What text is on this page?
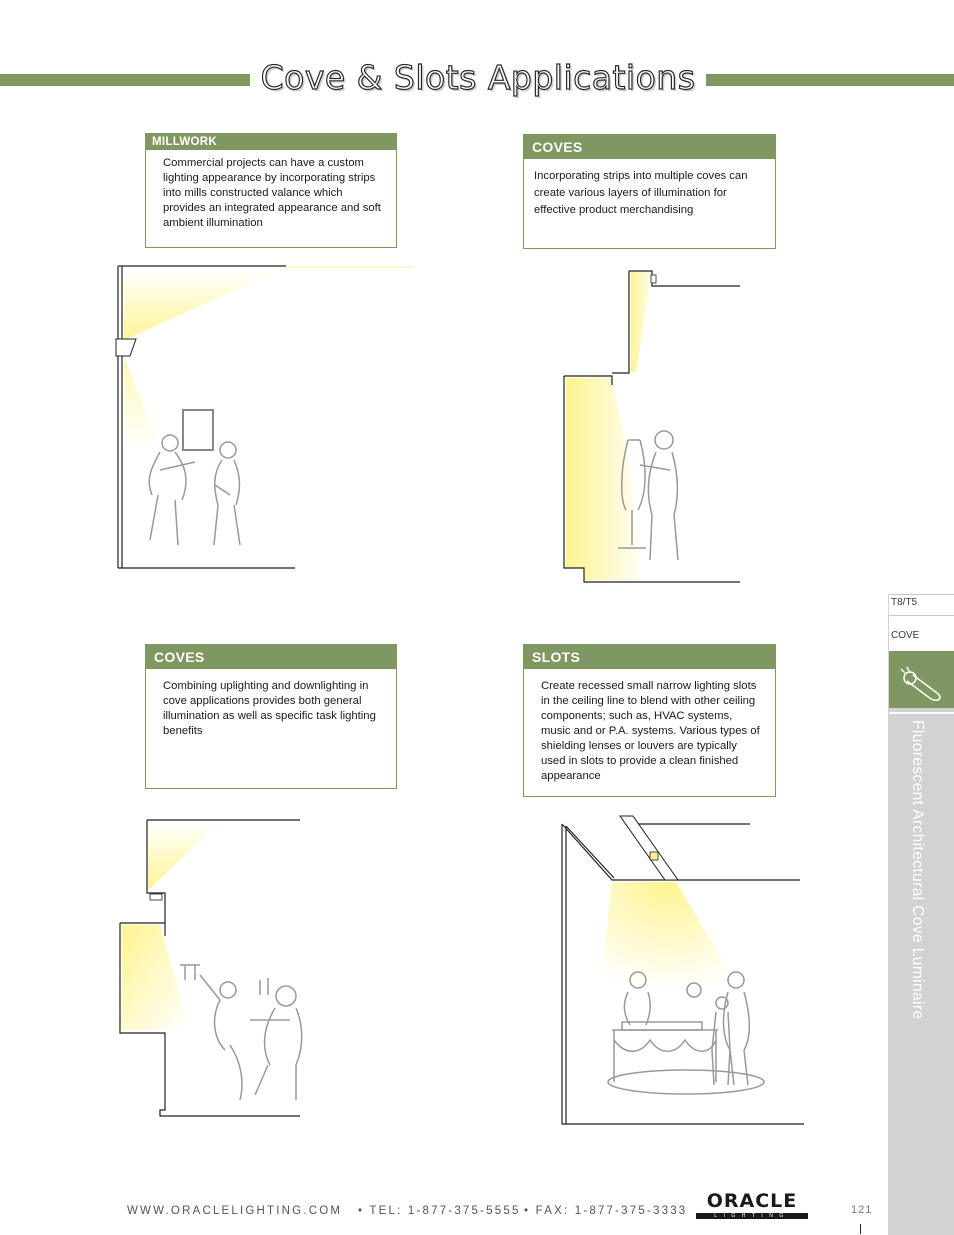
Cove & Slots Applications
MILLWORK
Commercial projects can have a custom lighting appearance by incorporating strips into mills constructed valance which provides an integrated appearance and soft ambient illumination
COVES
Incorporating strips into multiple coves can create various layers of illumination for effective product merchandising
COVES
Combining uplighting and downlighting in cove applications provides both general illumination as well as specific task lighting benefits
SLOTS
Create recessed small narrow lighting slots in the ceiling line to blend with other ceiling components; such as, HVAC systems, music and or P.A. systems. Various types of shielding lenses or louvers are typically used in slots to provide a clean finished appearance
T8/T5
COVE
Fluorescent Architectural Cove Luminaire
WWW.ORACLELIGHTING.COM • TEL: 1-877-375-5555 • FAX: 1-877-375-3333	ORACLE
LIGHTING	121
